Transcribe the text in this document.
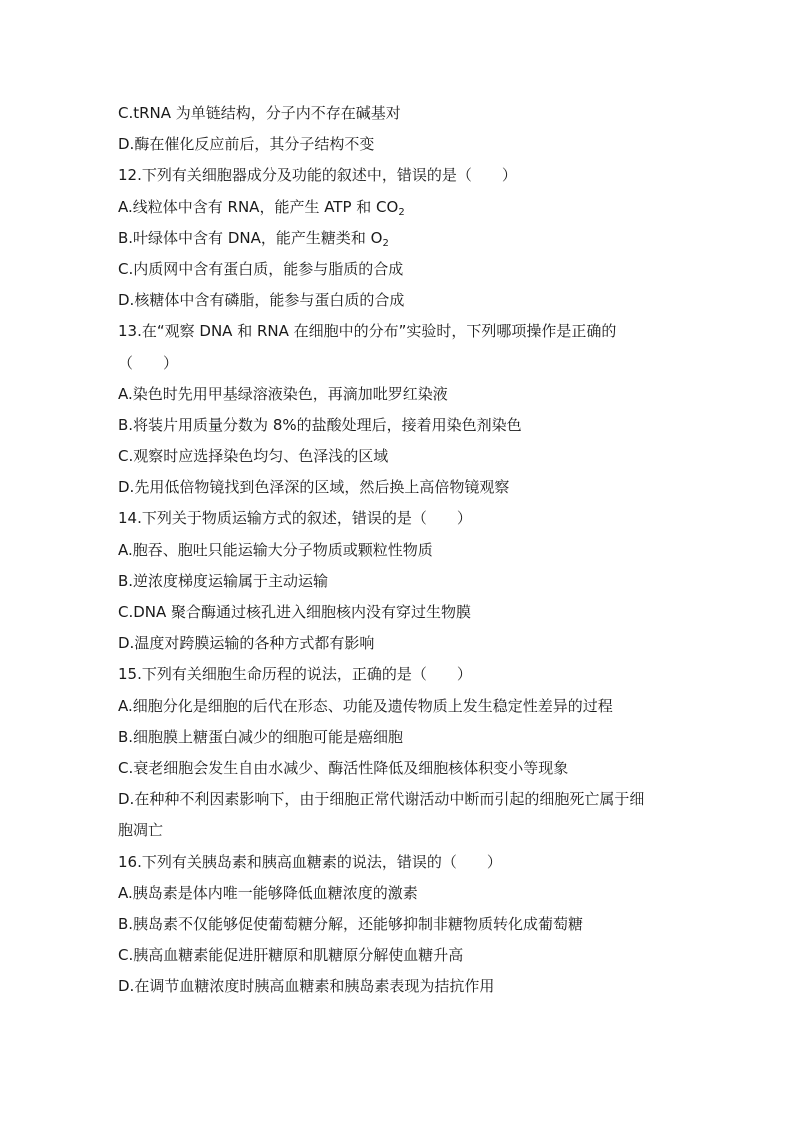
C.tRNA 为单链结构，分子内不存在碱基对
D.酶在催化反应前后，其分子结构不变
12.下列有关细胞器成分及功能的叙述中，错误的是（　　）
A.线粒体中含有 RNA，能产生 ATP 和 $CO_2$
B.叶绿体中含有 DNA，能产生糖类和 $O_2$
C.内质网中含有蛋白质，能参与脂质的合成
D.核糖体中含有磷脂，能参与蛋白质的合成
13.在“观察 DNA 和 RNA 在细胞中的分布”实验时，下列哪项操作是正确的
（　　）
A.染色时先用甲基绿溶液染色，再滴加吡罗红染液
B.将装片用质量分数为 8%的盐酸处理后，接着用染色剂染色
C.观察时应选择染色均匀、色泽浅的区域
D.先用低倍物镜找到色泽深的区域，然后换上高倍物镜观察
14.下列关于物质运输方式的叙述，错误的是（　　）
A.胞吞、胞吐只能运输大分子物质或颗粒性物质
B.逆浓度梯度运输属于主动运输
C.DNA 聚合酶通过核孔进入细胞核内没有穿过生物膜
D.温度对跨膜运输的各种方式都有影响
15.下列有关细胞生命历程的说法，正确的是（　　）
A.细胞分化是细胞的后代在形态、功能及遗传物质上发生稳定性差异的过程
B.细胞膜上糖蛋白减少的细胞可能是癌细胞
C.衰老细胞会发生自由水减少、酶活性降低及细胞核体积变小等现象
D.在种种不利因素影响下，由于细胞正常代谢活动中断而引起的细胞死亡属于细
胞凋亡
16.下列有关胰岛素和胰高血糖素的说法，错误的（　　）
A.胰岛素是体内唯一能够降低血糖浓度的激素
B.胰岛素不仅能够促使葡萄糖分解，还能够抑制非糖物质转化成葡萄糖
C.胰高血糖素能促进肝糖原和肌糖原分解使血糖升高
D.在调节血糖浓度时胰高血糖素和胰岛素表现为拮抗作用
